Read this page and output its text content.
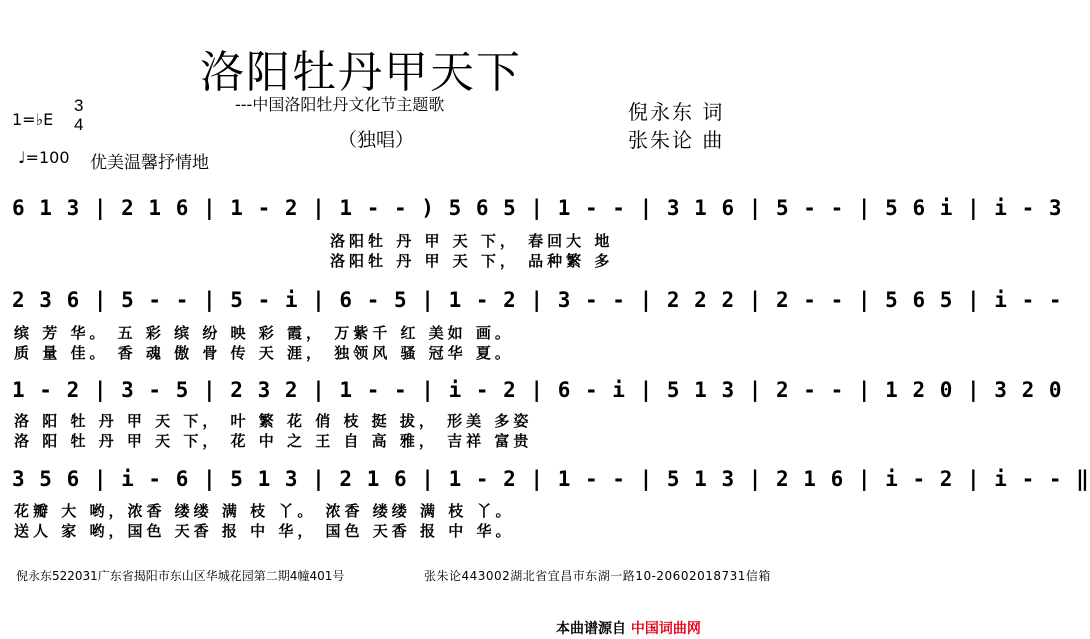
洛阳牡丹甲天下
---中国洛阳牡丹文化节主题歌
（独唱）
1=♭E
3
4
♩=100 优美温馨抒情地
倪永东 词
张朱论 曲
6 1 3 | 2 1 6 | 1 - 2 | 1 - - ) 5 6 5 | 1 - - | 3 1 6 | 5 - - | 5 6 i | i - 3
洛阳牡 丹 甲 天 下， 春回大 地
洛阳牡 丹 甲 天 下， 品种繁 多
2 3 6 | 5 - - | 5 - i | 6 - 5 | 1 - 2 | 3 - - | 2 2 2 | 2 - - | 5 6 5 | i - -
缤 芳 华。 五 彩 缤 纷 映 彩 霞， 万紫千 红 美如 画。
质 量 佳。 香 魂 傲 骨 传 天 涯， 独领风 骚 冠华 夏。
1 - 2 | 3 - 5 | 2 3 2 | 1 - - | i - 2 | 6 - i | 5 1 3 | 2 - - | 1 2 0 | 3 2 0
洛 阳 牡 丹 甲 天 下， 叶 繁 花 俏 枝 挺 拔， 形美 多姿
洛 阳 牡 丹 甲 天 下， 花 中 之 王 自 高 雅， 吉祥 富贵
3 5 6 | i - 6 | 5 1 3 | 2 1 6 | 1 - 2 | 1 - - | 5 1 3 | 2 1 6 | i - 2 | i - - ‖
花瓣 大 哟，浓香 缕缕 满 枝 丫。 浓香 缕缕 满 枝 丫。
送人 家 哟，国色 天香 报 中 华， 国色 天香 报 中 华。
倪永东522031广东省揭阳市东山区华城花园第二期4幢401号	张朱论443002湖北省宜昌市东湖一路10-20602018731信箱
本曲谱源自 中国词曲网
